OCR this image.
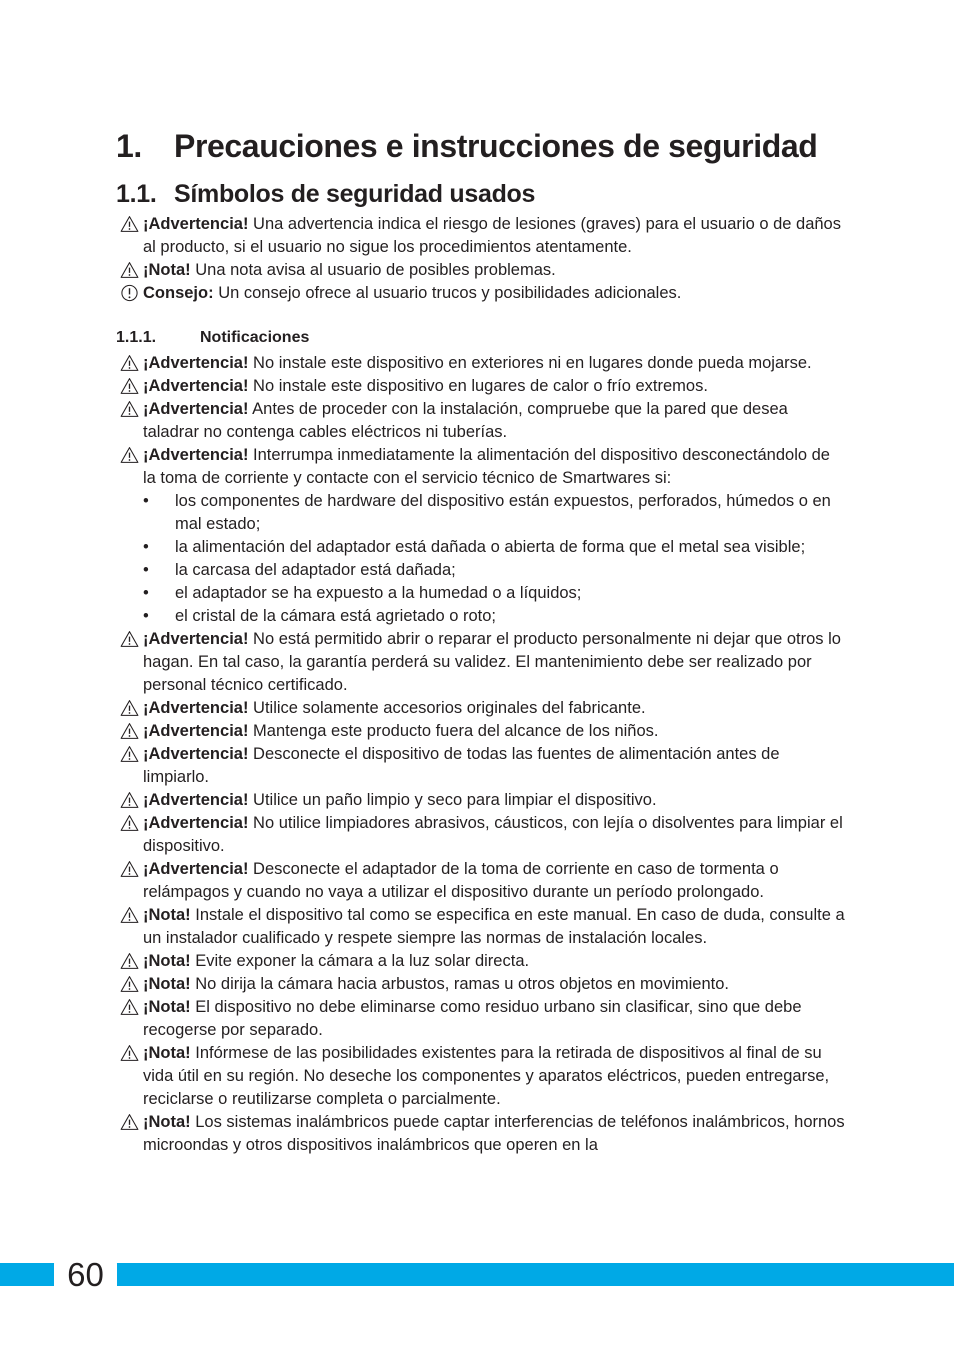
1. Precauciones e instrucciones de seguridad
1.1. Símbolos de seguridad usados
¡Advertencia! Una advertencia indica el riesgo de lesiones (graves) para el usuario o de daños al producto, si el usuario no sigue los procedimientos atentamente.
¡Nota! Una nota avisa al usuario de posibles problemas.
Consejo: Un consejo ofrece al usuario trucos y posibilidades adicionales.
1.1.1.	Notificaciones
¡Advertencia! No instale este dispositivo en exteriores ni en lugares donde pueda mojarse.
¡Advertencia! No instale este dispositivo en lugares de calor o frío extremos.
¡Advertencia! Antes de proceder con la instalación, compruebe que la pared que desea taladrar no contenga cables eléctricos ni tuberías.
¡Advertencia! Interrumpa inmediatamente la alimentación del dispositivo desconectándolo de la toma de corriente y contacte con el servicio técnico de Smartwares si:
• los componentes de hardware del dispositivo están expuestos, perforados, húmedos o en mal estado;
• la alimentación del adaptador está dañada o abierta de forma que el metal sea visible;
• la carcasa del adaptador está dañada;
• el adaptador se ha expuesto a la humedad o a líquidos;
• el cristal de la cámara está agrietado o roto;
¡Advertencia! No está permitido abrir o reparar el producto personalmente ni dejar que otros lo hagan. En tal caso, la garantía perderá su validez. El mantenimiento debe ser realizado por personal técnico certificado.
¡Advertencia! Utilice solamente accesorios originales del fabricante.
¡Advertencia! Mantenga este producto fuera del alcance de los niños.
¡Advertencia! Desconecte el dispositivo de todas las fuentes de alimentación antes de limpiarlo.
¡Advertencia! Utilice un paño limpio y seco para limpiar el dispositivo.
¡Advertencia! No utilice limpiadores abrasivos, cáusticos, con lejía o disolventes para limpiar el dispositivo.
¡Advertencia! Desconecte el adaptador de la toma de corriente en caso de tormenta o relámpagos y cuando no vaya a utilizar el dispositivo durante un período prolongado.
¡Nota! Instale el dispositivo tal como se especifica en este manual. En caso de duda, consulte a un instalador cualificado y respete siempre las normas de instalación locales.
¡Nota! Evite exponer la cámara a la luz solar directa.
¡Nota! No dirija la cámara hacia arbustos, ramas u otros objetos en movimiento.
¡Nota! El dispositivo no debe eliminarse como residuo urbano sin clasificar, sino que debe recogerse por separado.
¡Nota! Infórmese de las posibilidades existentes para la retirada de dispositivos al final de su vida útil en su región. No deseche los componentes y aparatos eléctricos, pueden entregarse, reciclarse o reutilizarse completa o parcialmente.
¡Nota! Los sistemas inalámbricos puede captar interferencias de teléfonos inalámbricos, hornos microondas y otros dispositivos inalámbricos que operen en la
60
